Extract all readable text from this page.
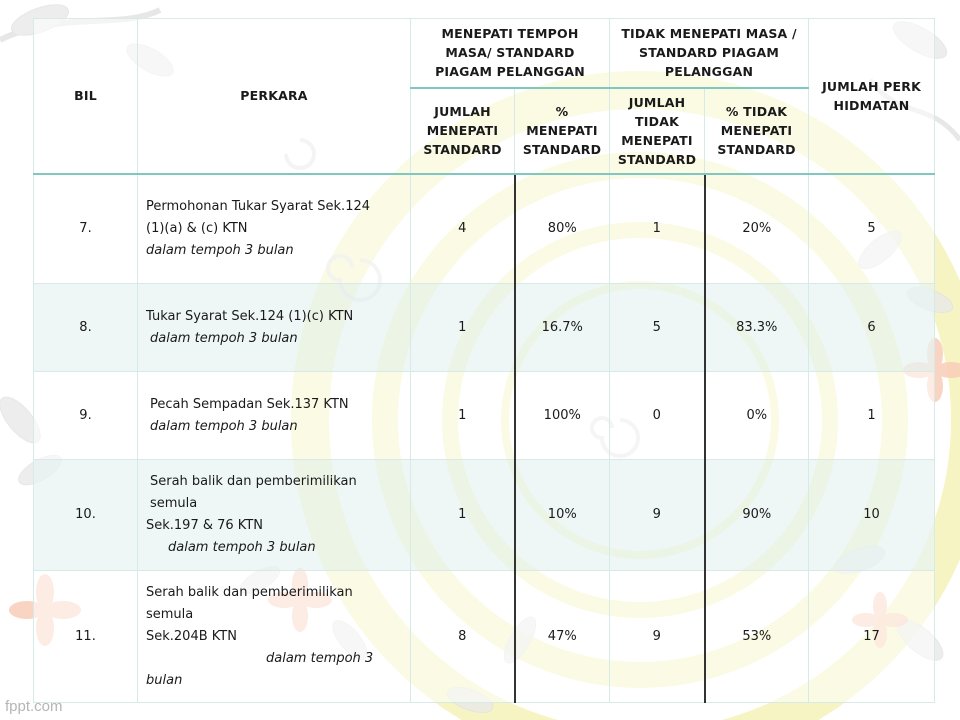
BIL	PERKARA	MENEPATI TEMPOH MASA/ STANDARD PIAGAM PELANGGAN		TIDAK MENEPATI MASA / STANDARD PIAGAM PELANGGAN		JUMLAH PERKHIDMATAN
		JUMLAH MENEPATI STANDARD	% MENEPATI STANDARD	JUMLAH TIDAK MENEPATI STANDARD	% TIDAK MENEPATI STANDARD	
7.	Permohonan Tukar Syarat Sek.124
(1)(a) & (c) KTN
dalam tempoh 3 bulan	4	80%	1	20%	5
8.	Tukar Syarat Sek.124 (1)(c) KTN
dalam tempoh 3 bulan	1	16.7%	5	83.3%	6
9.	Pecah Sempadan Sek.137 KTN
dalam tempoh 3 bulan	1	100%	0	0%	1
10.	Serah balik dan pemberimilikan semula
Sek.197 & 76 KTN
dalam tempoh 3 bulan	1	10%	9	90%	10
11.	Serah balik dan pemberimilikan semula
Sek.204B KTN
dalam tempoh 3
bulan	8	47%	9	53%	17
fppt.com
